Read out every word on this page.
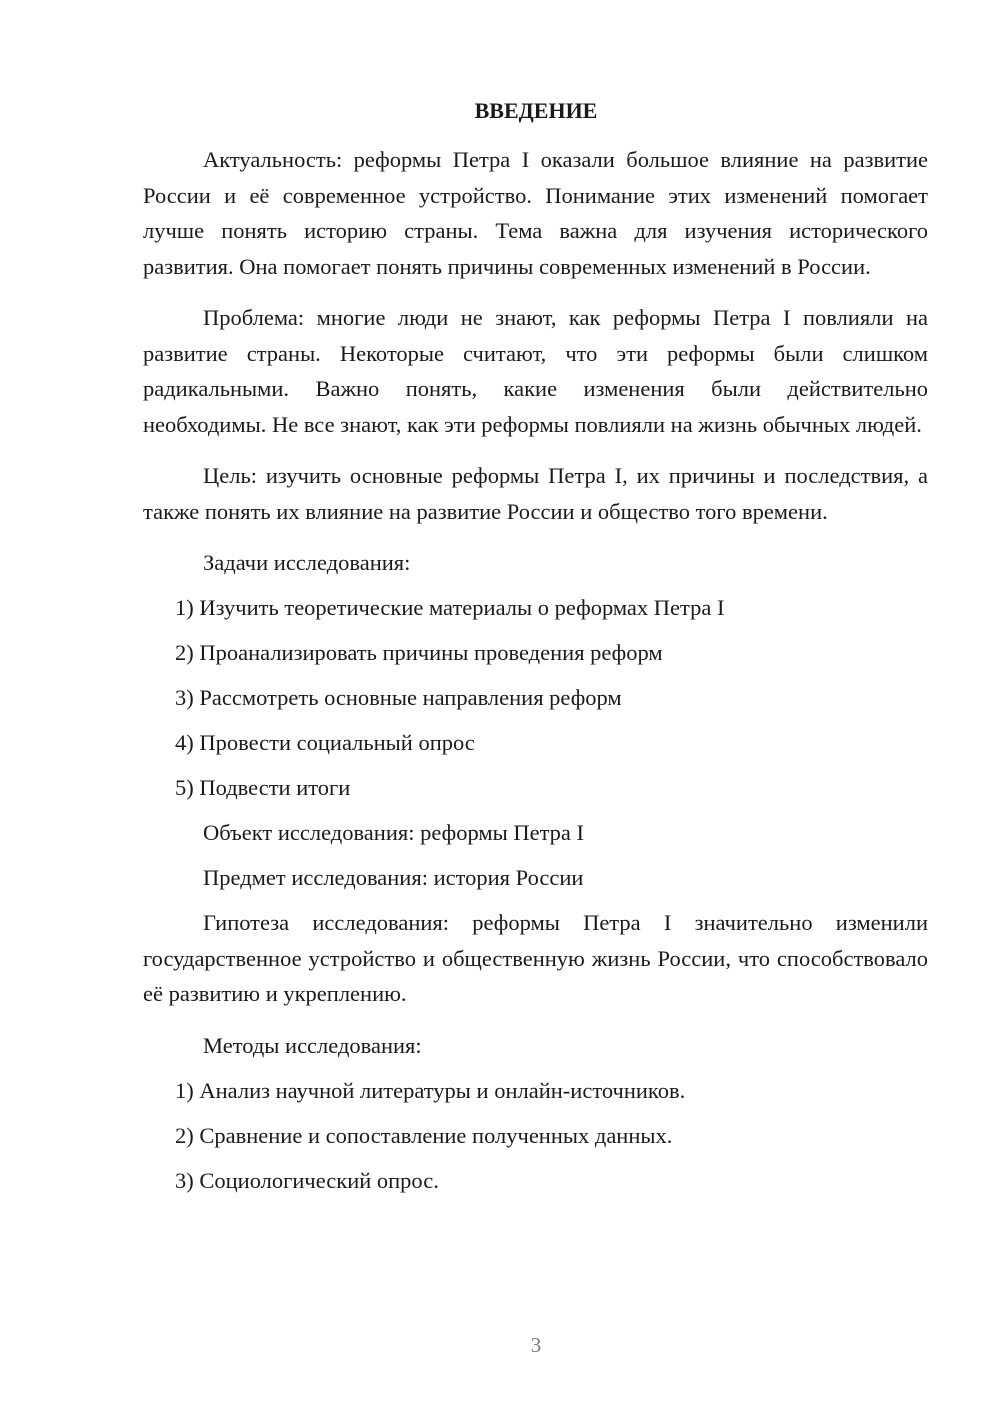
ВВЕДЕНИЕ

Актуальность: реформы Петра I оказали большое влияние на развитие России и её современное устройство. Понимание этих изменений помогает лучше понять историю страны. Тема важна для изучения исторического развития. Она помогает понять причины современных изменений в России.

Проблема: многие люди не знают, как реформы Петра I повлияли на развитие страны. Некоторые считают, что эти реформы были слишком радикальными. Важно понять, какие изменения были действительно необходимы. Не все знают, как эти реформы повлияли на жизнь обычных людей.

Цель: изучить основные реформы Петра I, их причины и последствия, а также понять их влияние на развитие России и общество того времени.

Задачи исследования:

1) Изучить теоретические материалы о реформах Петра I

2) Проанализировать причины проведения реформ

3) Рассмотреть основные направления реформ

4) Провести социальный опрос

5) Подвести итоги

Объект исследования: реформы Петра I

Предмет исследования: история России

Гипотеза исследования: реформы Петра I значительно изменили государственное устройство и общественную жизнь России, что способствовало её развитию и укреплению.

Методы исследования:

1) Анализ научной литературы и онлайн-источников.

2) Сравнение и сопоставление полученных данных.

3) Социологический опрос.

3
